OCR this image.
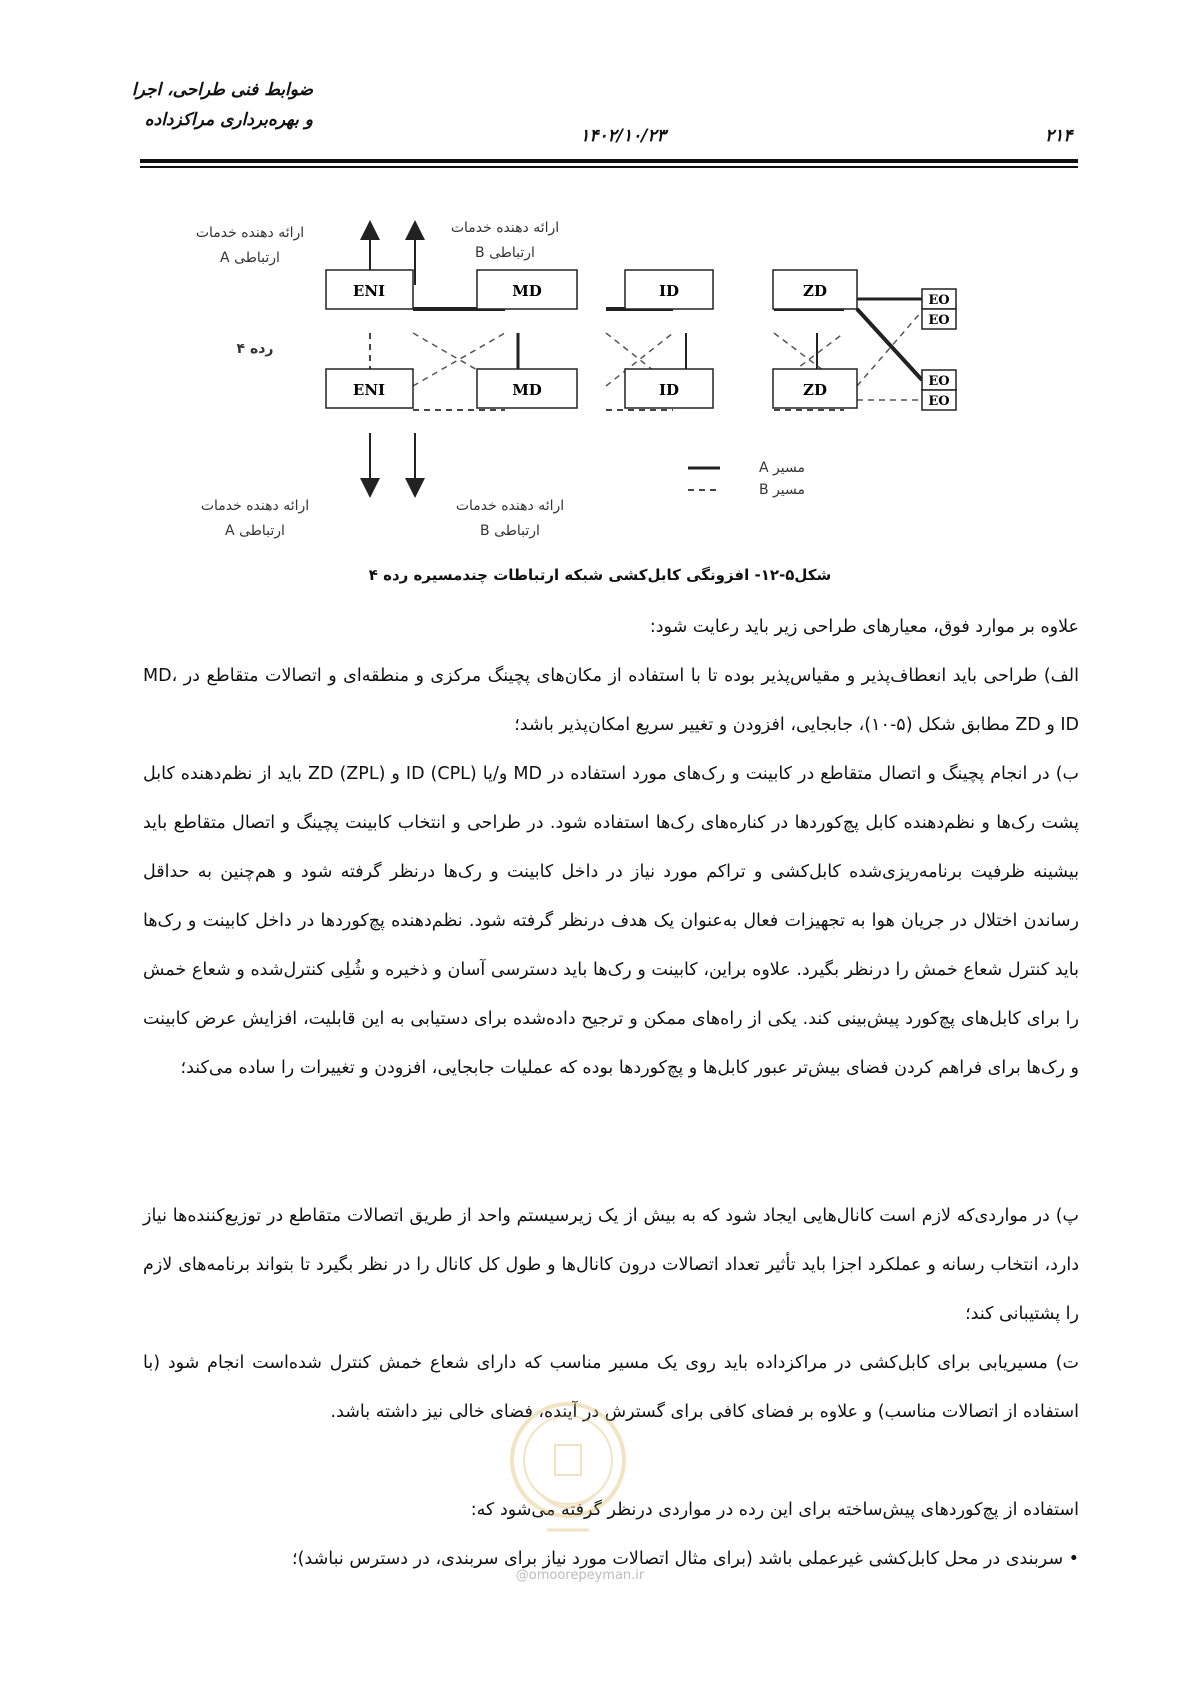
ضوابط فنی طراحی، اجرا
و بهره‌برداری مراکزداده
۱۴۰۲/۱۰/۲۳	۲۱۴
ارائه دهنده خدمات
ارتباطی A
ارائه دهنده خدمات
ارتباطی B
ارائه دهنده خدمات
ارتباطی A
ارائه دهنده خدمات
ارتباطی B
رده ۴
ENI	MD	ID	ZD
ENI	MD	ID	ZD
EO
EO
EO
EO
مسیر A
مسیر B
شکل۵-۱۲- افزونگی کابل‌کشی شبکه ارتباطات چندمسیره رده ۴
علاوه بر موارد فوق، معیارهای طراحی زیر باید رعایت شود:
الف) طراحی باید انعطاف‌پذیر و مقیاس‌پذیر بوده تا با استفاده از مکان‌های پچینگ مرکزی و منطقه‌ای و اتصالات متقاطع در MD، ID و ZD مطابق شکل (۵-۱۰)، جابجایی، افزودن و تغییر سریع امکان‌پذیر باشد؛
ب) در انجام پچینگ و اتصال متقاطع در کابینت و رک‌های مورد استفاده در MD و/یا ID (CPL) و ZD (ZPL) باید از نظم‌دهنده کابل پشت رک‌ها و نظم‌دهنده کابل پچ‌کوردها در کناره‌های رک‌ها استفاده شود. در طراحی و انتخاب کابینت پچینگ و اتصال متقاطع باید بیشینه ظرفیت برنامه‌ریزی‌شده کابل‌کشی و تراکم مورد نیاز در داخل کابینت و رک‌ها درنظر گرفته شود و هم‌چنین به حداقل رساندن اختلال در جریان هوا به تجهیزات فعال به‌عنوان یک هدف درنظر گرفته شود. نظم‌دهنده پچ‌کوردها در داخل کابینت و رک‌ها باید کنترل شعاع خمش را درنظر بگیرد. علاوه براین، کابینت و رک‌ها باید دسترسی آسان و ذخیره و شُلِی کنترل‌شده و شعاع خمش را برای کابل‌های پچ‌کورد پیش‌بینی کند. یکی از راه‌های ممکن و ترجیح داده‌شده برای دستیابی به این قابلیت، افزایش عرض کابینت و رک‌ها برای فراهم کردن فضای بیش‌تر عبور کابل‌ها و پچ‌کوردها بوده که عملیات جابجایی، افزودن و تغییرات را ساده می‌کند؛
پ) در مواردی‌که لازم است کانال‌هایی ایجاد شود که به بیش از یک زیرسیستم واحد از طریق اتصالات متقاطع در توزیع‌کننده‌ها نیاز دارد، انتخاب رسانه و عملکرد اجزا باید تأثیر تعداد اتصالات درون کانال‌ها و طول کل کانال را در نظر بگیرد تا بتواند برنامه‌های لازم را پشتیبانی کند؛
ت) مسیریابی برای کابل‌کشی در مراکزداده باید روی یک مسیر مناسب که دارای شعاع خمش کنترل شده‌است انجام شود (با استفاده از اتصالات مناسب) و علاوه بر فضای کافی برای گسترش در آینده، فضای خالی نیز داشته باشد.
استفاده از پچ‌کوردهای پیش‌ساخته برای این رده در مواردی درنظر گرفته می‌شود که:
• سربندی در محل کابل‌کشی غیرعملی باشد (برای مثال اتصالات مورد نیاز برای سربندی، در دسترس نباشد)؛
@omoorepeyman.ir
